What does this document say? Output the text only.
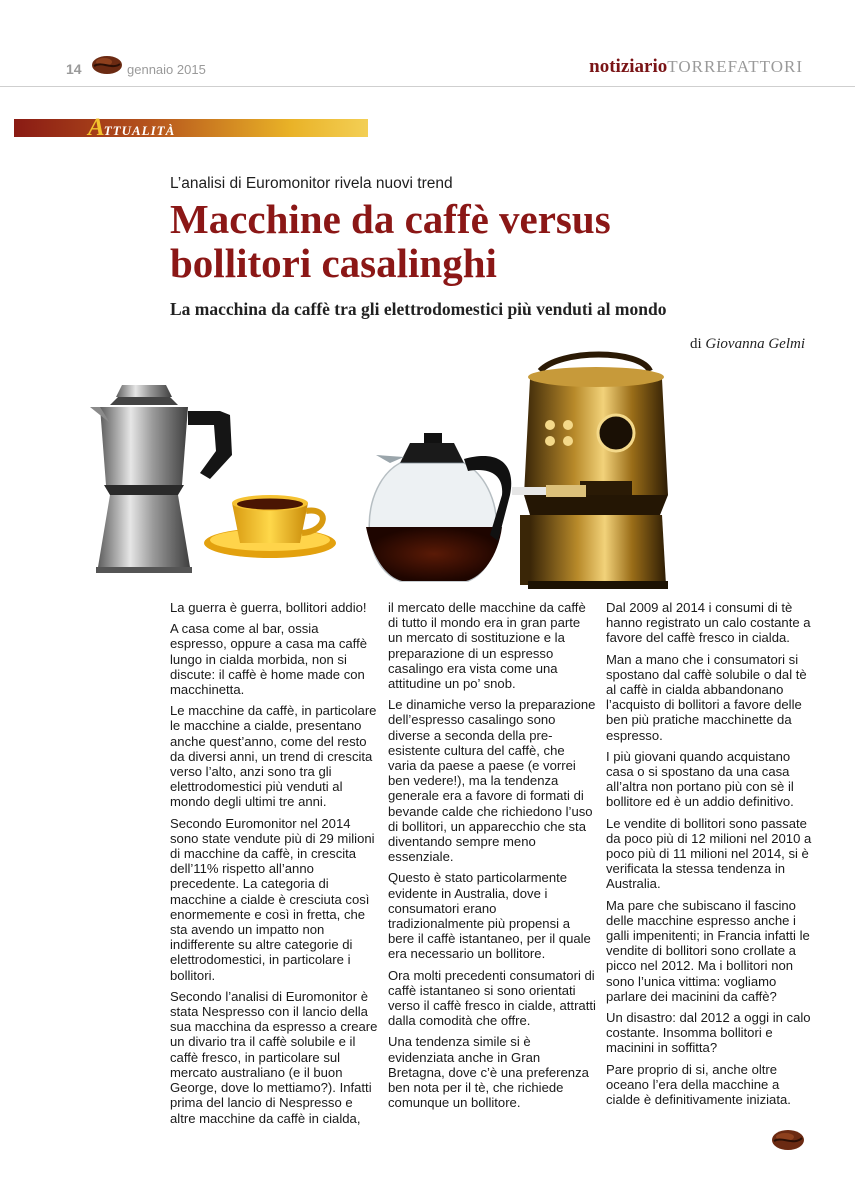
14	gennaio 2015	notiziarioTORREFATTORI
ATTUALITÀ
L’analisi di Euromonitor rivela nuovi trend
Macchine da caffè versus
bollitori casalinghi
La macchina da caffè tra gli elettrodomestici più venduti al mondo
di Giovanna Gelmi

La guerra è guerra, bollitori addio!

A casa come al bar, ossia espresso, oppure a casa ma caffè lungo in cialda morbida, non si discute: il caffè è home made con macchinetta.

Le macchine da caffè, in particolare le macchine a cialde, presentano anche quest’anno, come del resto da diversi anni, un trend di crescita verso l’alto, anzi sono tra gli elettrodomestici più venduti al mondo degli ultimi tre anni.

Secondo Euromonitor nel 2014 sono state vendute più di 29 milioni di macchine da caffè, in crescita dell’11% rispetto all’anno precedente. La categoria di macchine a cialde è cresciuta così enormemente e così in fretta, che sta avendo un impatto non indifferente su altre categorie di elettrodomestici, in particolare i bollitori.

Secondo l’analisi di Euromonitor è stata Nespresso con il lancio della sua macchina da espresso a creare un divario tra il caffè solubile e il caffè fresco, in particolare sul mercato australiano (e il buon George, dove lo mettiamo?). Infatti prima del lancio di Nespresso e altre macchine da caffè in cialda,

il mercato delle macchine da caffè di tutto il mondo era in gran parte un mercato di sostituzione e la preparazione di un espresso casalingo era vista come una attitudine un po’ snob.

Le dinamiche verso la preparazione dell’espresso casalingo sono diverse a seconda della pre-esistente cultura del caffè, che varia da paese a paese (e vorrei ben vedere!), ma la tendenza generale era a favore di formati di bevande calde che richiedono l’uso di bollitori, un apparecchio che sta diventando sempre meno essenziale.

Questo è stato particolarmente evidente in Australia, dove i consumatori erano tradizionalmente più propensi a bere il caffè istantaneo, per il quale era necessario un bollitore.

Ora molti precedenti consumatori di caffè istantaneo si sono orientati verso il caffè fresco in cialde, attratti dalla comodità che offre.

Una tendenza simile si è evidenziata anche in Gran Bretagna, dove c’è una preferenza ben nota per il tè, che richiede comunque un bollitore.

Dal 2009 al 2014 i consumi di tè hanno registrato un calo costante a favore del caffè fresco in cialda.

Man a mano che i consumatori si spostano dal caffè solubile o dal tè al caffè in cialda abbandonano l’acquisto di bollitori a favore delle ben più pratiche macchinette da espresso.

I più giovani quando acquistano casa o si spostano da una casa all’altra non portano più con sè il bollitore ed è un addio definitivo.

Le vendite di bollitori sono passate da poco più di 12 milioni nel 2010 a poco più di 11 milioni nel 2014, si è verificata la stessa tendenza in Australia.

Ma pare che subiscano il fascino delle macchine espresso anche i galli impenitenti; in Francia infatti le vendite di bollitori sono crollate a picco nel 2012. Ma i bollitori non sono l’unica vittima: vogliamo parlare dei macinini da caffè?

Un disastro: dal 2012 a oggi in calo costante. Insomma bollitori e macinini in soffitta?

Pare proprio di si, anche oltre oceano l’era della macchine a cialde è definitivamente iniziata.
